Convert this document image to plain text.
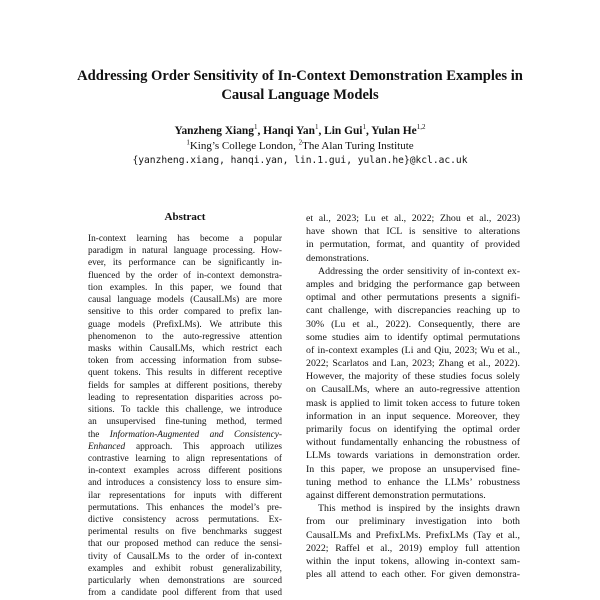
Addressing Order Sensitivity of In-Context Demonstration Examples in
Causal Language Models
Yanzheng Xiang$^1$, Hanqi Yan$^1$, Lin Gui$^1$, Yulan He$^{1,2}$
$^1$King’s College London, $^2$The Alan Turing Institute
{yanzheng.xiang, hanqi.yan, lin.1.gui, yulan.he}@kcl.ac.uk
Abstract
In-context learning has become a popular
paradigm in natural language processing. How-
ever, its performance can be significantly in-
fluenced by the order of in-context demonstra-
tion examples. In this paper, we found that
causal language models (CausalLMs) are more
sensitive to this order compared to prefix lan-
guage models (PrefixLMs). We attribute this
phenomenon to the auto-regressive attention
masks within CausalLMs, which restrict each
token from accessing information from subse-
quent tokens. This results in different receptive
fields for samples at different positions, thereby
leading to representation disparities across po-
sitions. To tackle this challenge, we introduce
an unsupervised fine-tuning method, termed
the Information-Augmented and Consistency-
Enhanced approach. This approach utilizes
contrastive learning to align representations of
in-context examples across different positions
and introduces a consistency loss to ensure sim-
ilar representations for inputs with different
permutations. This enhances the model’s pre-
dictive consistency across permutations. Ex-
perimental results on five benchmarks suggest
that our proposed method can reduce the sensi-
tivity of CausalLMs to the order of in-context
examples and exhibit robust generalizability,
particularly when demonstrations are sourced
from a candidate pool different from that used
et al., 2023; Lu et al., 2022; Zhou et al., 2023)
have shown that ICL is sensitive to alterations
in permutation, format, and quantity of provided
demonstrations.
Addressing the order sensitivity of in-context ex-
amples and bridging the performance gap between
optimal and other permutations presents a signifi-
cant challenge, with discrepancies reaching up to
30% (Lu et al., 2022). Consequently, there are
some studies aim to identify optimal permutations
of in-context examples (Li and Qiu, 2023; Wu et al.,
2022; Scarlatos and Lan, 2023; Zhang et al., 2022).
However, the majority of these studies focus solely
on CausalLMs, where an auto-regressive attention
mask is applied to limit token access to future token
information in an input sequence. Moreover, they
primarily focus on identifying the optimal order
without fundamentally enhancing the robustness of
LLMs towards variations in demonstration order.
In this paper, we propose an unsupervised fine-
tuning method to enhance the LLMs’ robustness
against different demonstration permutations.
This method is inspired by the insights drawn
from our preliminary investigation into both
CausalLMs and PrefixLMs. PrefixLMs (Tay et al.,
2022; Raffel et al., 2019) employ full attention
within the input tokens, allowing in-context sam-
ples all attend to each other. For given demonstra-
